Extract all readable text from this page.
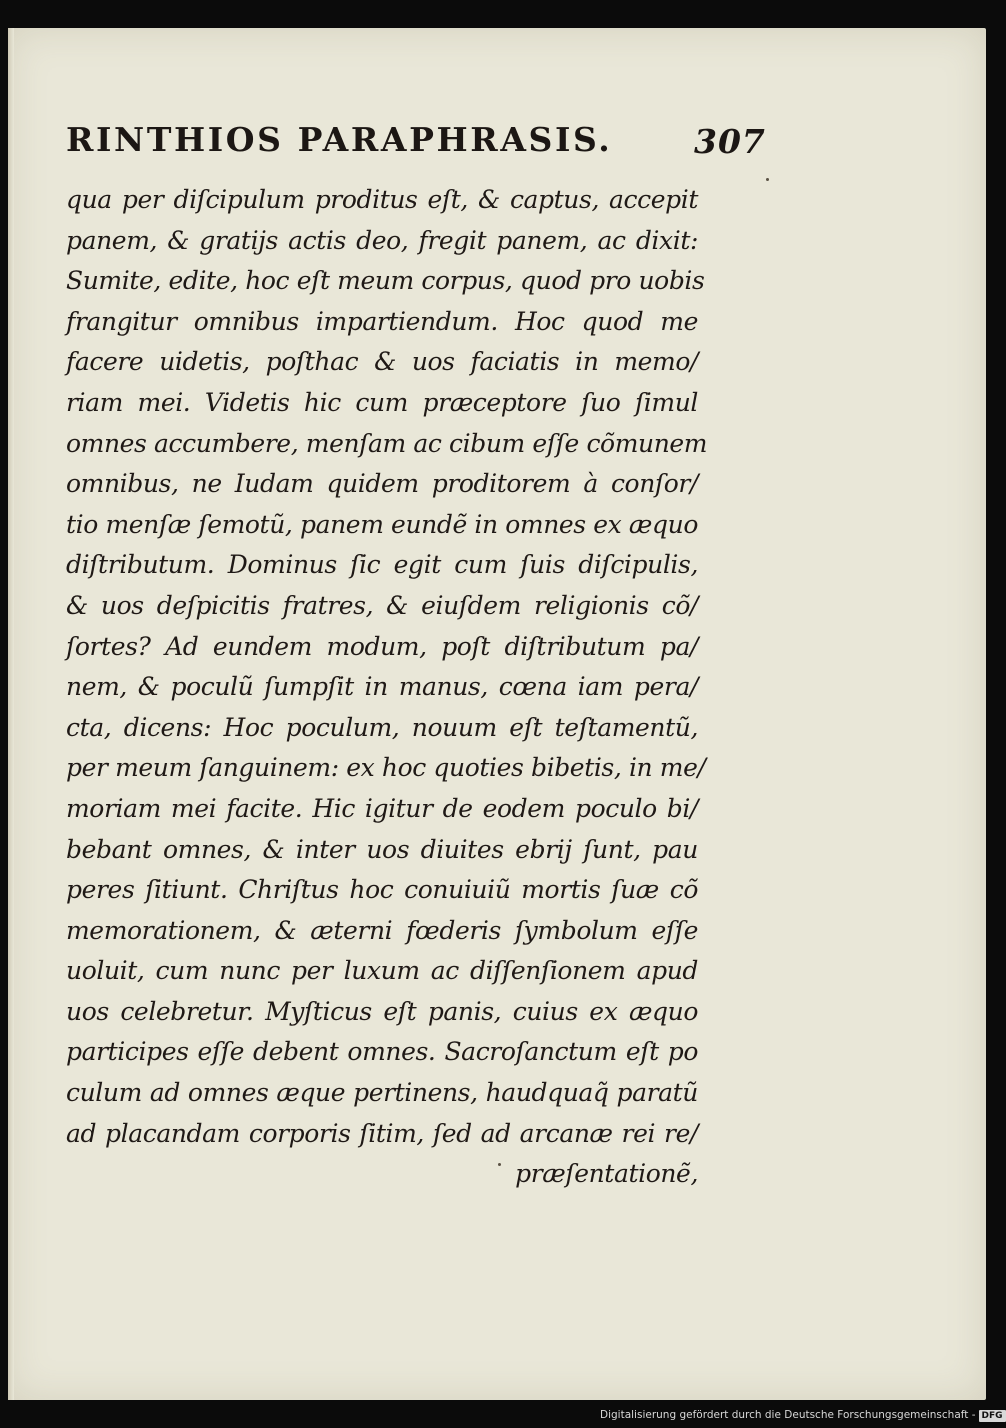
RINTHIOS PARAPHRASIS. 307
qua per diſcipulum proditus eſt, & captus, accepit
panem, & gratijs actis deo, fregit panem, ac dixit:
Sumite, edite, hoc eſt meum corpus, quod pro uobis
frangitur omnibus impartiendum. Hoc quod me
facere uidetis, poſthac & uos faciatis in memo/
riam mei. Videtis hic cum præceptore ſuo ſimul
omnes accumbere, menſam ac cibum eſſe cõmunem
omnibus, ne Iudam quidem proditorem à conſor/
tio menſæ ſemotũ, panem eundẽ in omnes ex æquo
diſtributum. Dominus ſic egit cum ſuis diſcipulis,
& uos deſpicitis fratres, & eiuſdem religionis cõ/
ſortes? Ad eundem modum, poſt diſtributum pa/
nem, & poculũ ſumpſit in manus, cœna iam pera/
cta, dicens: Hoc poculum, nouum eſt teſtamentũ,
per meum ſanguinem: ex hoc quoties bibetis, in me/
moriam mei facite. Hic igitur de eodem poculo bi/
bebant omnes, & inter uos diuites ebrij ſunt, pau
peres ſitiunt. Chriſtus hoc conuiuiũ mortis ſuæ cõ
memorationem, & æterni fœderis ſymbolum eſſe
uoluit, cum nunc per luxum ac diſſenſionem apud
uos celebretur. Myſticus eſt panis, cuius ex æquo
participes eſſe debent omnes. Sacroſanctum eſt po
culum ad omnes æque pertinens, haudquaq̃ paratũ
ad placandam corporis ſitim, ſed ad arcanæ rei re/
præſentationẽ,
Digitalisierung gefördert durch die Deutsche Forschungsgemeinschaft - DFG
